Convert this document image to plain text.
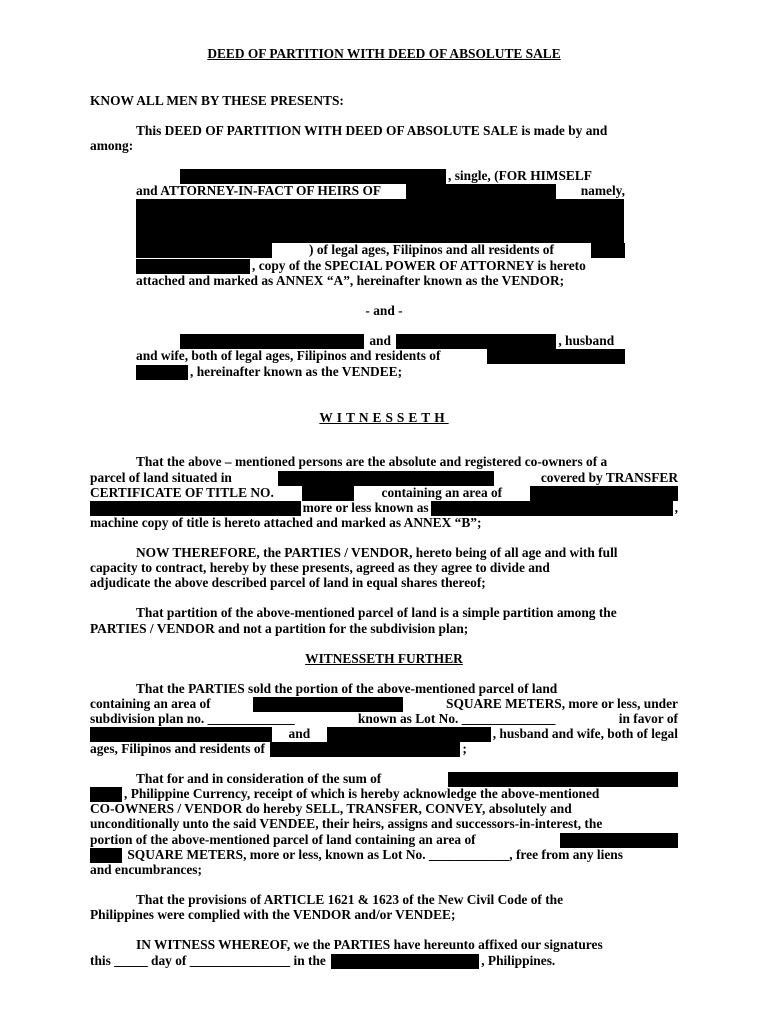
DEED OF PARTITION WITH DEED OF ABSOLUTE SALE
KNOW ALL MEN BY THESE PRESENTS:
This DEED OF PARTITION WITH DEED OF ABSOLUTE SALE is made by and
among:
, single, (FOR HIMSELF
and ATTORNEY-IN-FACT OF HEIRS OF	namely,
) of legal ages, Filipinos and all residents of
, copy of the SPECIAL POWER OF ATTORNEY is hereto
attached and marked as ANNEX “A”, hereinafter known as the VENDOR;
- and -
and	, husband
and wife, both of legal ages, Filipinos and residents of
, hereinafter known as the VENDEE;
WITNESSETH
That the above – mentioned persons are the absolute and registered co-owners of a
parcel of land situated in	covered by TRANSFER
CERTIFICATE OF TITLE NO.	containing an area of
more or less known as	,
machine copy of title is hereto attached and marked as ANNEX “B”;
NOW THEREFORE, the PARTIES / VENDOR, hereto being of all age and with full
capacity to contract, hereby by these presents, agreed as they agree to divide and
adjudicate the above described parcel of land in equal shares thereof;
That partition of the above-mentioned parcel of land is a simple partition among the
PARTIES / VENDOR and not a partition for the subdivision plan;
WITNESSETH FURTHER
That the PARTIES sold the portion of the above-mentioned parcel of land
containing an area of	SQUARE METERS, more or less, under
subdivision plan no. _____________	known as Lot No. ______________	in favor of
and	, husband and wife, both of legal
ages, Filipinos and residents of	;
That for and in consideration of the sum of
, Philippine Currency, receipt of which is hereby acknowledge the above-mentioned
CO-OWNERS / VENDOR do hereby SELL, TRANSFER, CONVEY, absolutely and
unconditionally unto the said VENDEE, their heirs, assigns and successors-in-interest, the
portion of the above-mentioned parcel of land containing an area of
SQUARE METERS, more or less, known as Lot No. ____________, free from any liens
and encumbrances;
That the provisions of ARTICLE 1621 & 1623 of the New Civil Code of the
Philippines were complied with the VENDOR and/or VENDEE;
IN WITNESS WHEREOF, we the PARTIES have hereunto affixed our signatures
this _____ day of _______________ in the	, Philippines.
